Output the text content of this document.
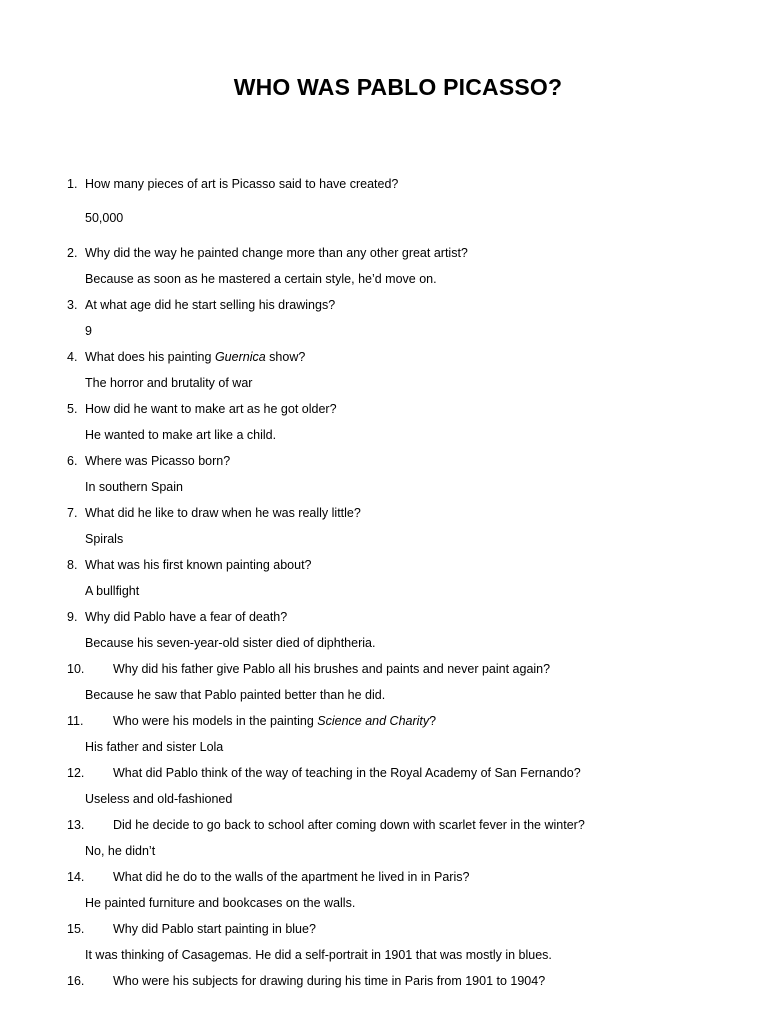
WHO WAS PABLO PICASSO?
1. How many pieces of art is Picasso said to have created?
50,000
2. Why did the way he painted change more than any other great artist?
Because as soon as he mastered a certain style, he’d move on.
3. At what age did he start selling his drawings?
9
4. What does his painting Guernica show?
The horror and brutality of war
5. How did he want to make art as he got older?
He wanted to make art like a child.
6. Where was Picasso born?
In southern Spain
7. What did he like to draw when he was really little?
Spirals
8. What was his first known painting about?
A bullfight
9. Why did Pablo have a fear of death?
Because his seven-year-old sister died of diphtheria.
10. Why did his father give Pablo all his brushes and paints and never paint again?
Because he saw that Pablo painted better than he did.
11. Who were his models in the painting Science and Charity?
His father and sister Lola
12. What did Pablo think of the way of teaching in the Royal Academy of San Fernando?
Useless and old-fashioned
13. Did he decide to go back to school after coming down with scarlet fever in the winter?
No, he didn’t
14. What did he do to the walls of the apartment he lived in in Paris?
He painted furniture and bookcases on the walls.
15. Why did Pablo start painting in blue?
It was thinking of Casagemas. He did a self-portrait in 1901 that was mostly in blues.
16. Who were his subjects for drawing during his time in Paris from 1901 to 1904?
